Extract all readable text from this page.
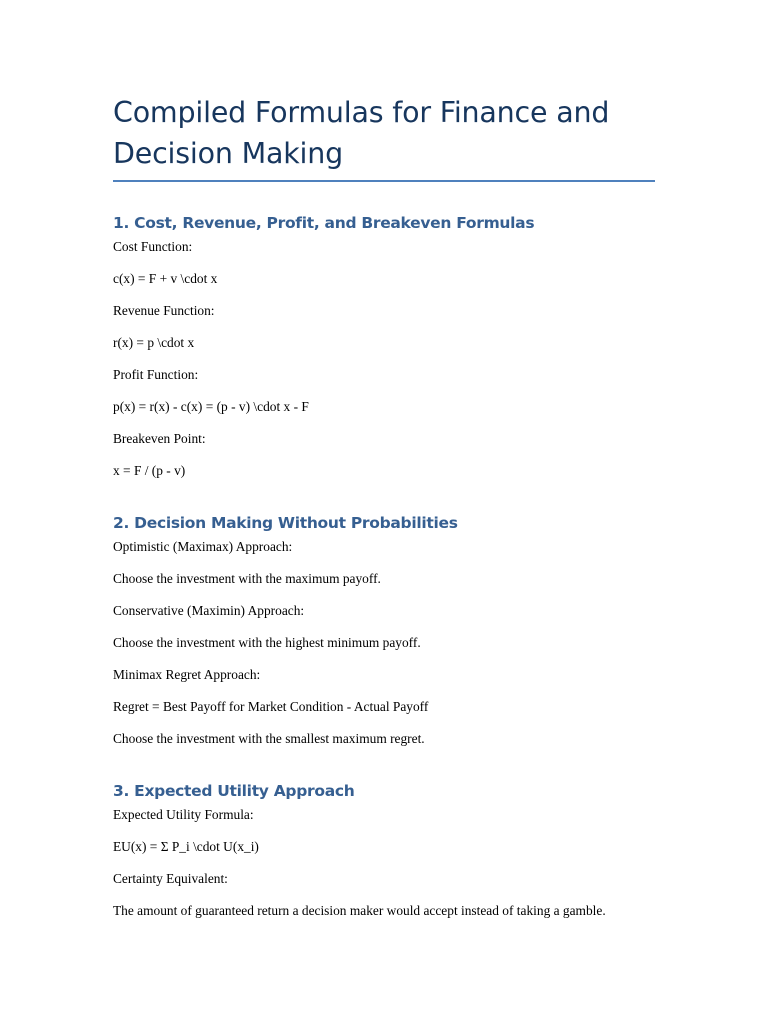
Compiled Formulas for Finance and Decision Making
1. Cost, Revenue, Profit, and Breakeven Formulas

Cost Function:

c(x) = F + v \cdot x

Revenue Function:

r(x) = p \cdot x

Profit Function:

p(x) = r(x) - c(x) = (p - v) \cdot x - F

Breakeven Point:

x = F / (p - v)

2. Decision Making Without Probabilities

Optimistic (Maximax) Approach:

Choose the investment with the maximum payoff.

Conservative (Maximin) Approach:

Choose the investment with the highest minimum payoff.

Minimax Regret Approach:

Regret = Best Payoff for Market Condition - Actual Payoff

Choose the investment with the smallest maximum regret.

3. Expected Utility Approach

Expected Utility Formula:

EU(x) = Σ P_i \cdot U(x_i)

Certainty Equivalent:

The amount of guaranteed return a decision maker would accept instead of taking a gamble.
